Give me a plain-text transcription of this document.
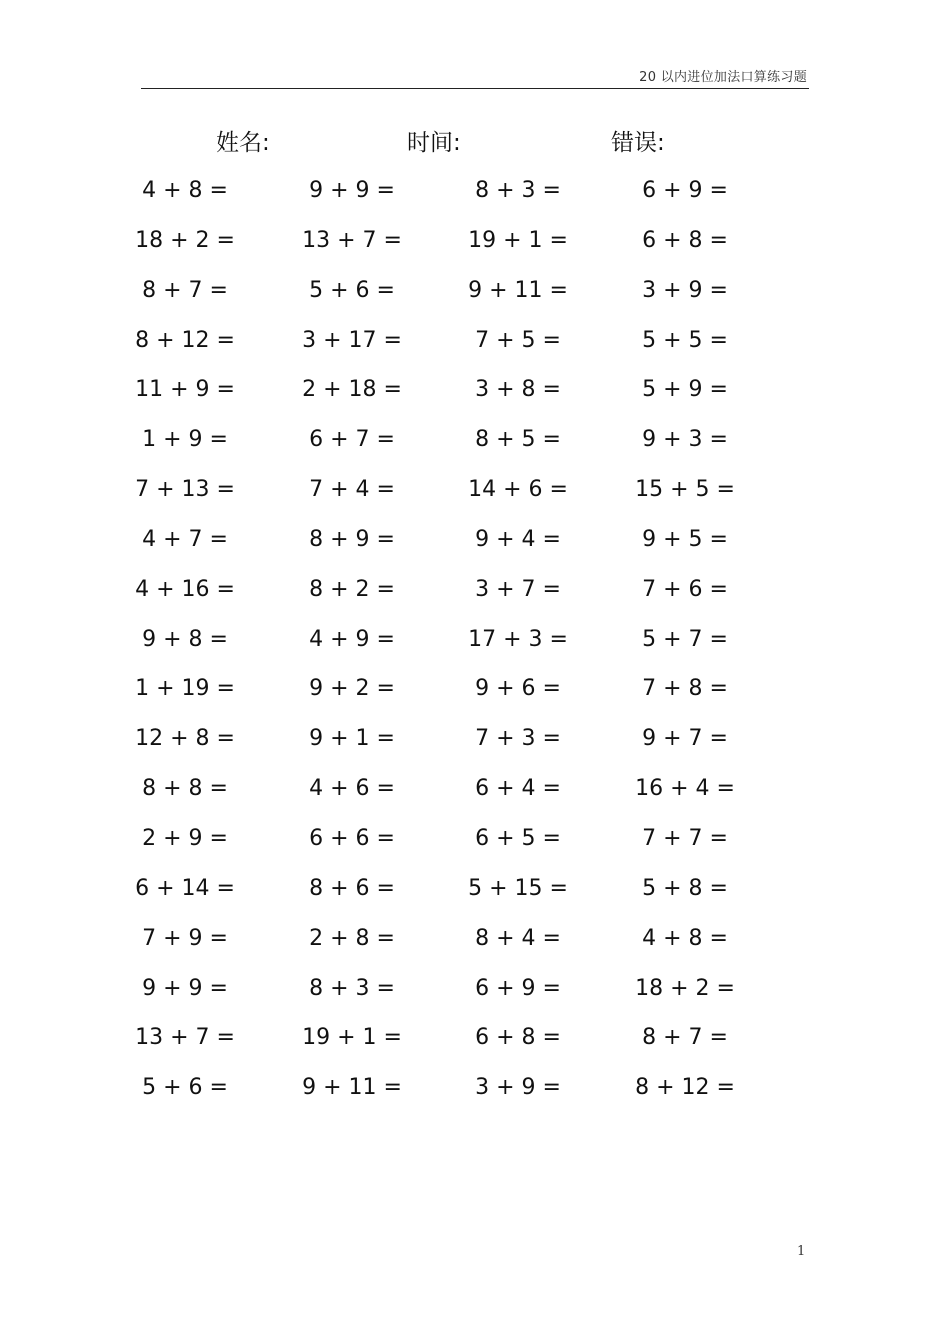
20 以内进位加法口算练习题
姓名:	时间:	错误:
4 + 8 =	9 + 9 =	8 + 3 =	6 + 9 =
18 + 2 =	13 + 7 =	19 + 1 =	6 + 8 =
8 + 7 =	5 + 6 =	9 + 11 =	3 + 9 =
8 + 12 =	3 + 17 =	7 + 5 =	5 + 5 =
11 + 9 =	2 + 18 =	3 + 8 =	5 + 9 =
1 + 9 =	6 + 7 =	8 + 5 =	9 + 3 =
7 + 13 =	7 + 4 =	14 + 6 =	15 + 5 =
4 + 7 =	8 + 9 =	9 + 4 =	9 + 5 =
4 + 16 =	8 + 2 =	3 + 7 =	7 + 6 =
9 + 8 =	4 + 9 =	17 + 3 =	5 + 7 =
1 + 19 =	9 + 2 =	9 + 6 =	7 + 8 =
12 + 8 =	9 + 1 =	7 + 3 =	9 + 7 =
8 + 8 =	4 + 6 =	6 + 4 =	16 + 4 =
2 + 9 =	6 + 6 =	6 + 5 =	7 + 7 =
6 + 14 =	8 + 6 =	5 + 15 =	5 + 8 =
7 + 9 =	2 + 8 =	8 + 4 =	4 + 8 =
9 + 9 =	8 + 3 =	6 + 9 =	18 + 2 =
13 + 7 =	19 + 1 =	6 + 8 =	8 + 7 =
5 + 6 =	9 + 11 =	3 + 9 =	8 + 12 =
1
